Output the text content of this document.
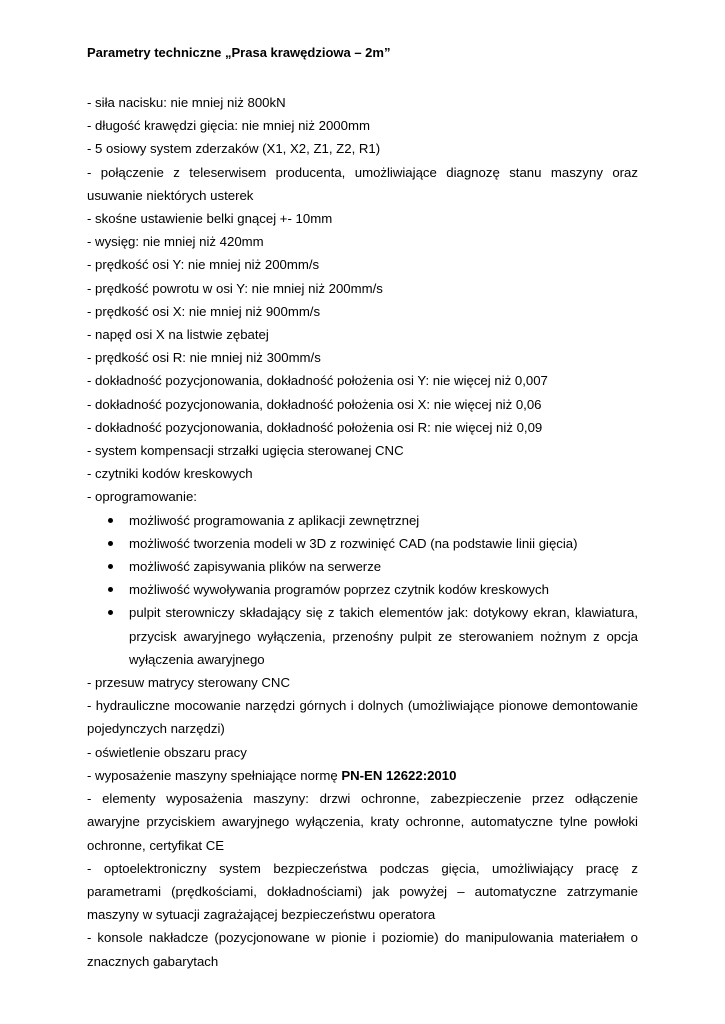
Parametry techniczne „Prasa krawędziowa – 2m”

- siła nacisku: nie mniej niż 800kN

- długość krawędzi gięcia: nie mniej niż 2000mm

- 5 osiowy system zderzaków (X1, X2, Z1, Z2, R1)

- połączenie z teleserwisem producenta, umożliwiające diagnozę stanu maszyny oraz usuwanie niektórych usterek

- skośne ustawienie belki gnącej +- 10mm

- wysięg: nie mniej niż 420mm

- prędkość osi Y: nie mniej niż 200mm/s

- prędkość powrotu w osi Y: nie mniej niż 200mm/s

- prędkość osi X: nie mniej niż 900mm/s

- napęd osi X na listwie zębatej

- prędkość osi R: nie mniej niż 300mm/s

- dokładność pozycjonowania, dokładność położenia osi Y: nie więcej niż 0,007

- dokładność pozycjonowania, dokładność położenia osi X: nie więcej niż 0,06

- dokładność pozycjonowania, dokładność położenia osi R: nie więcej niż 0,09

- system kompensacji strzałki ugięcia sterowanej CNC

- czytniki kodów kreskowych

- oprogramowanie:

możliwość programowania z aplikacji zewnętrznej
możliwość tworzenia modeli w 3D z rozwinięć CAD (na podstawie linii gięcia)
możliwość zapisywania plików na serwerze
możliwość wywoływania programów poprzez czytnik kodów kreskowych
pulpit sterowniczy składający się z takich elementów jak: dotykowy ekran, klawiatura, przycisk awaryjnego wyłączenia, przenośny pulpit ze sterowaniem nożnym z opcja wyłączenia awaryjnego

- przesuw matrycy sterowany CNC

- hydrauliczne mocowanie narzędzi górnych i dolnych (umożliwiające pionowe demontowanie pojedynczych narzędzi)

- oświetlenie obszaru pracy

- wyposażenie maszyny spełniające normę PN-EN 12622:2010

- elementy wyposażenia maszyny: drzwi ochronne, zabezpieczenie przez odłączenie awaryjne przyciskiem awaryjnego wyłączenia, kraty ochronne, automatyczne tylne powłoki ochronne, certyfikat CE

- optoelektroniczny system bezpieczeństwa podczas gięcia, umożliwiający pracę z parametrami (prędkościami, dokładnościami) jak powyżej – automatyczne zatrzymanie maszyny w sytuacji zagrażającej bezpieczeństwu operatora

- konsole nakładcze (pozycjonowane w pionie i poziomie) do manipulowania materiałem o znacznych gabarytach
